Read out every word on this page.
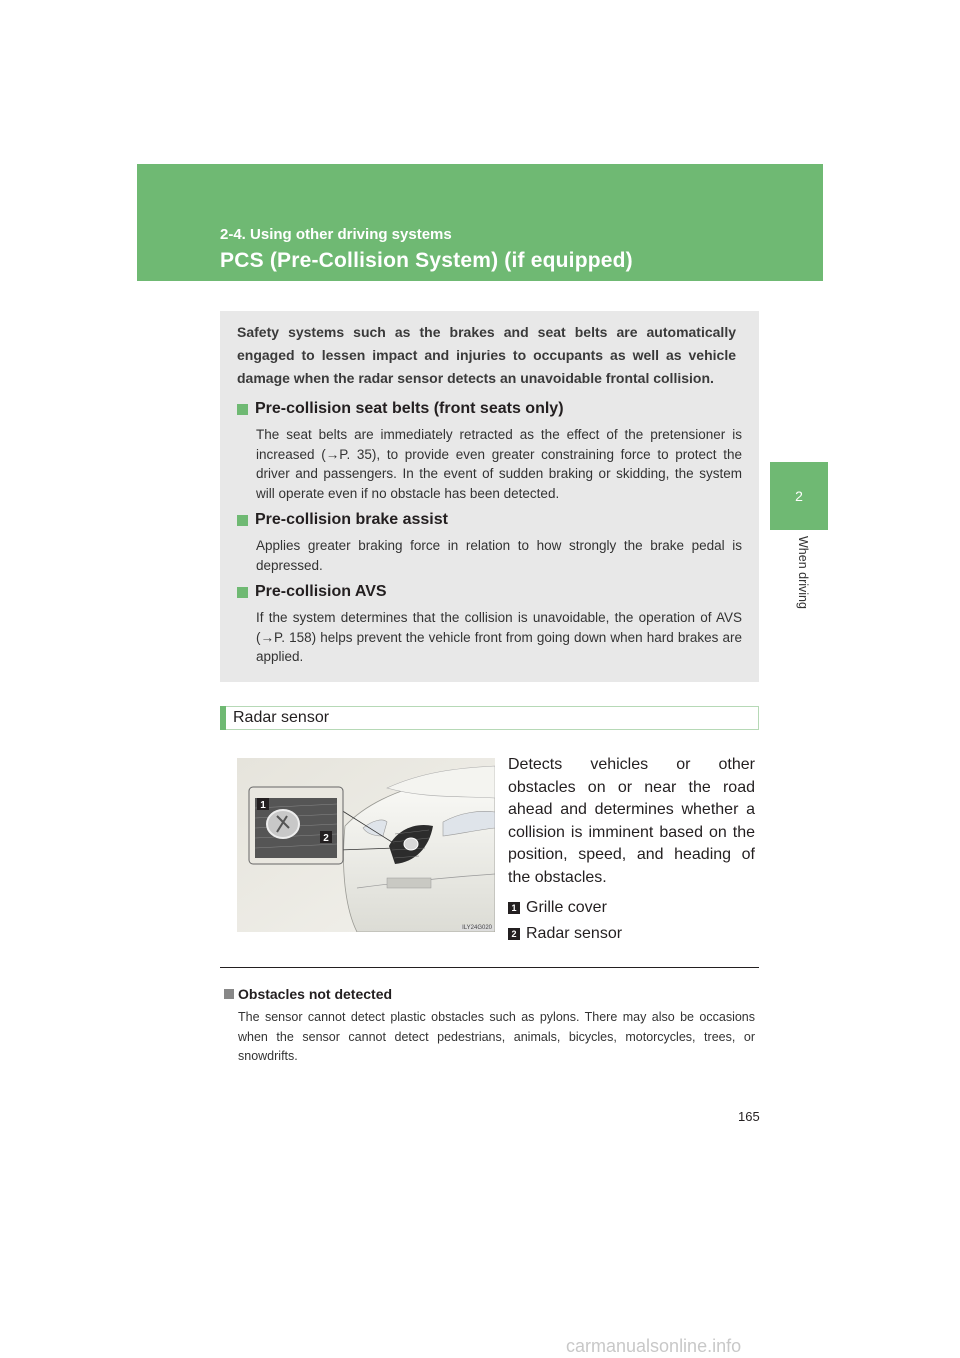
2-4. Using other driving systems
PCS (Pre-Collision System) (if equipped)
2
When driving
Safety systems such as the brakes and seat belts are automatically engaged to lessen impact and injuries to occupants as well as vehicle damage when the radar sensor detects an unavoidable frontal collision.
Pre-collision seat belts (front seats only)
The seat belts are immediately retracted as the effect of the pretensioner is increased (→P. 35), to provide even greater constraining force to protect the driver and passengers. In the event of sudden braking or skidding, the system will operate even if no obstacle has been detected.
Pre-collision brake assist
Applies greater braking force in relation to how strongly the brake pedal is depressed.
Pre-collision AVS
If the system determines that the collision is unavoidable, the operation of AVS (→P. 158) helps prevent the vehicle front from going down when hard brakes are applied.
Radar sensor
1
2
ILY24G020
Detects vehicles or other obstacles on or near the road ahead and determines whether a collision is imminent based on the position, speed, and heading of the obstacles.
1 Grille cover
2 Radar sensor
Obstacles not detected
The sensor cannot detect plastic obstacles such as pylons. There may also be occasions when the sensor cannot detect pedestrians, animals, bicycles, motorcycles, trees, or snowdrifts.
165
carmanualsonline.info
